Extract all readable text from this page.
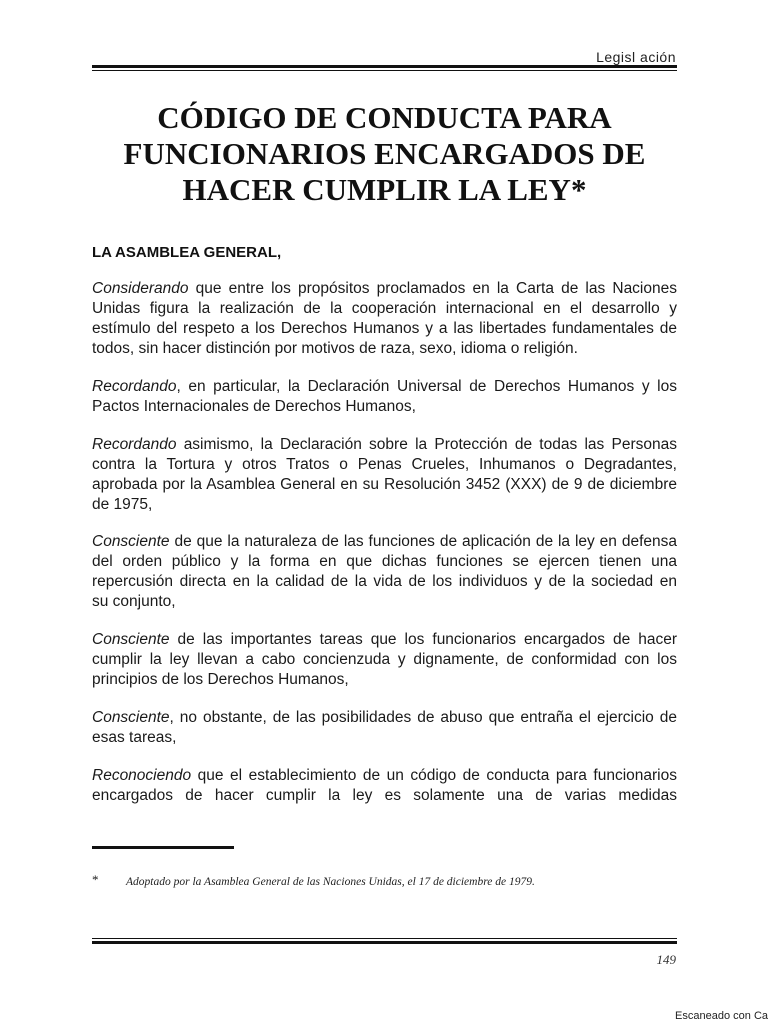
Legisl ación
CÓDIGO DE CONDUCTA PARA
FUNCIONARIOS ENCARGADOS DE
HACER CUMPLIR LA LEY*

LA ASAMBLEA GENERAL,

Considerando que entre los propósitos proclamados en la Carta de las Naciones
Unidas figura la realización de la cooperación internacional en el desarrollo y
estímulo del respeto a los Derechos Humanos y a las libertades fundamentales de
todos, sin hacer distinción por motivos de raza, sexo, idioma o religión.

Recordando, en particular, la Declaración Universal de Derechos Humanos y los
Pactos Internacionales de Derechos Humanos,

Recordando asimismo, la Declaración sobre la Protección de todas las Personas
contra la Tortura y otros Tratos o Penas Crueles, Inhumanos o Degradantes,
aprobada por la Asamblea General en su Resolución 3452 (XXX) de 9 de diciembre
de 1975,

Consciente de que la naturaleza de las funciones de aplicación de la ley en defensa
del orden público y la forma en que dichas funciones se ejercen tienen una
repercusión directa en la calidad de la vida de los individuos y de la sociedad en
su conjunto,

Consciente de las importantes tareas que los funcionarios encargados de hacer
cumplir la ley llevan a cabo concienzuda y dignamente, de conformidad con los
principios de los Derechos Humanos,

Consciente, no obstante, de las posibilidades de abuso que entraña el ejercicio de
esas tareas,

Reconociendo que el establecimiento de un código de conducta para funcionarios
encargados de hacer cumplir la ley es solamente una de varias medidas

* Adoptado por la Asamblea General de las Naciones Unidas, el 17 de diciembre de 1979.
149
Escaneado con Ca
